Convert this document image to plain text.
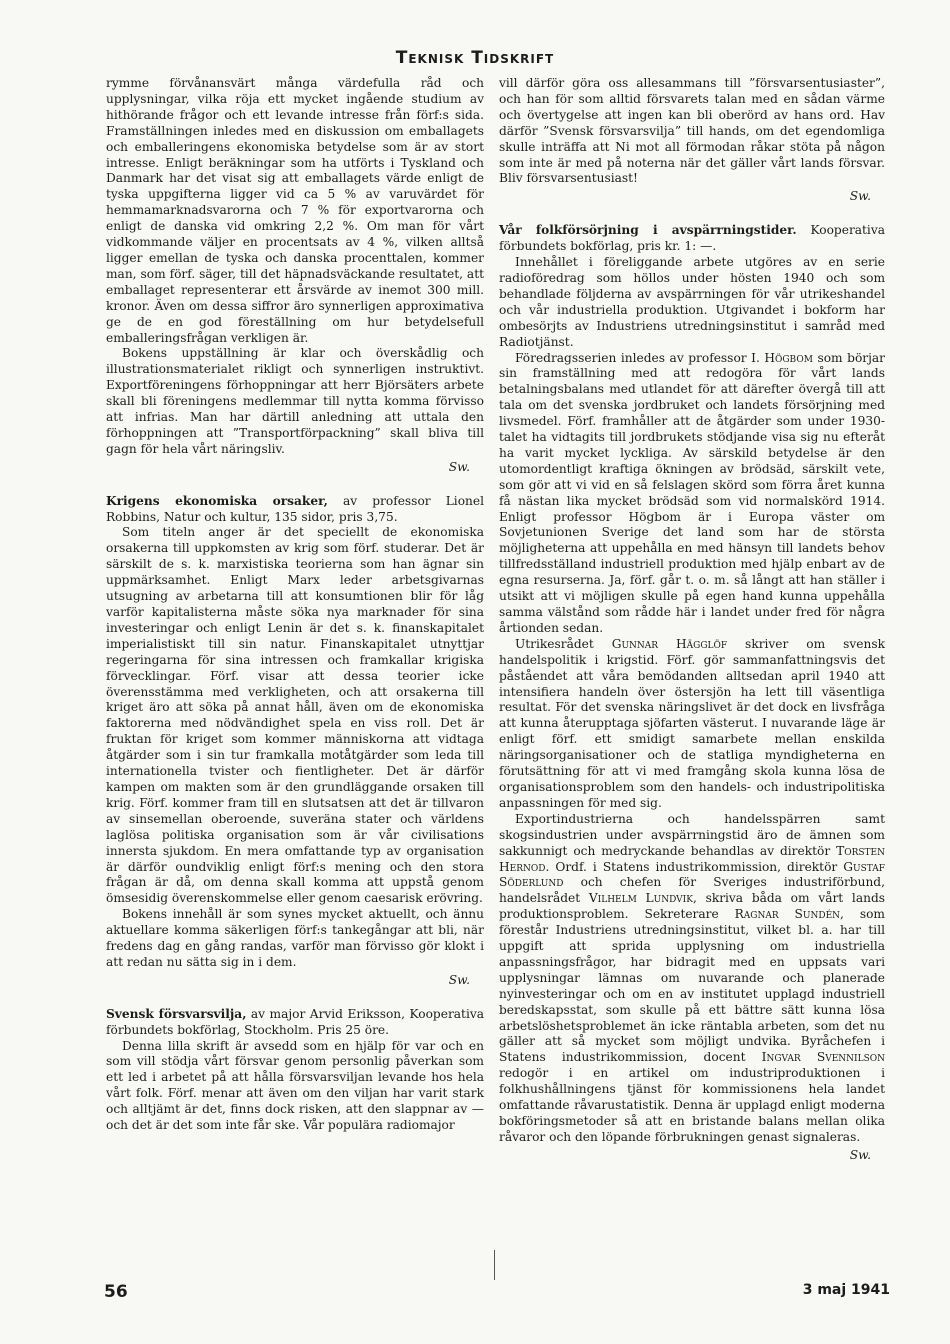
Teknisk Tidskrift

rymme förvånansvärt många värdefulla råd och upplysningar, vilka röja ett mycket ingående studium av hithörande frågor och ett levande intresse från förf:s sida. Framställningen inledes med en diskussion om emballagets och emballeringens ekonomiska betydelse som är av stort intresse. Enligt beräkningar som ha utförts i Tyskland och Danmark har det visat sig att emballagets värde enligt de tyska uppgifterna ligger vid ca 5 % av varuvärdet för hemmamarknadsvarorna och 7 % för exportvarorna och enligt de danska vid omkring 2,2 %. Om man för vårt vidkommande väljer en procentsats av 4 %, vilken alltså ligger emellan de tyska och danska procenttalen, kommer man, som förf. säger, till det häpnadsväckande resultatet, att emballaget representerar ett årsvärde av inemot 300 mill. kronor. Även om dessa siffror äro synnerligen approximativa ge de en god föreställning om hur betydelsefull emballeringsfrågan verkligen är.

Bokens uppställning är klar och överskådlig och illustrationsmaterialet rikligt och synnerligen instruktivt. Exportföreningens förhoppningar att herr Björsäters arbete skall bli föreningens medlemmar till nytta komma förvisso att infrias. Man har därtill anledning att uttala den förhoppningen att ”Transportförpackning” skall bliva till gagn för hela vårt näringsliv.

Sw.

Krigens ekonomiska orsaker, av professor Lionel Robbins, Natur och kultur, 135 sidor, pris 3,75.

Som titeln anger är det speciellt de ekonomiska orsakerna till uppkomsten av krig som förf. studerar. Det är särskilt de s. k. marxistiska teorierna som han ägnar sin uppmärksamhet. Enligt Marx leder arbetsgivarnas utsugning av arbetarna till att konsumtionen blir för låg varför kapitalisterna måste söka nya marknader för sina investeringar och enligt Lenin är det s. k. finanskapitalet imperialistiskt till sin natur. Finanskapitalet utnyttjar regeringarna för sina intressen och framkallar krigiska förvecklingar. Förf. visar att dessa teorier icke överensstämma med verkligheten, och att orsakerna till kriget äro att söka på annat håll, även om de ekonomiska faktorerna med nödvändighet spela en viss roll. Det är fruktan för kriget som kommer människorna att vidtaga åtgärder som i sin tur framkalla motåtgärder som leda till internationella tvister och fientligheter. Det är därför kampen om makten som är den grundläggande orsaken till krig. Förf. kommer fram till en slutsatsen att det är tillvaron av sinsemellan oberoende, suveräna stater och världens laglösa politiska organisation som är vår civilisations innersta sjukdom. En mera omfattande typ av organisation är därför oundviklig enligt förf:s mening och den stora frågan är då, om denna skall komma att uppstå genom ömsesidig överenskommelse eller genom caesarisk erövring.

Bokens innehåll är som synes mycket aktuellt, och ännu aktuellare komma säkerligen förf:s tankegångar att bli, när fredens dag en gång randas, varför man förvisso gör klokt i att redan nu sätta sig in i dem.

Sw.

Svensk försvarsvilja, av major Arvid Eriksson, Kooperativa förbundets bokförlag, Stockholm. Pris 25 öre.

Denna lilla skrift är avsedd som en hjälp för var och en som vill stödja vårt försvar genom personlig påverkan som ett led i arbetet på att hålla försvarsviljan levande hos hela vårt folk. Förf. menar att även om den viljan har varit stark och alltjämt är det, finns dock risken, att den slappnar av — och det är det som inte får ske. Vår populära radiomajor

vill därför göra oss allesammans till ”försvarsentusiaster”, och han för som alltid försvarets talan med en sådan värme och övertygelse att ingen kan bli oberörd av hans ord. Hav därför ”Svensk försvarsvilja” till hands, om det egendomliga skulle inträffa att Ni mot all förmodan råkar stöta på någon som inte är med på noterna när det gäller vårt lands försvar. Bliv försvarsentusiast!

Sw.

Vår folkförsörjning i avspärrningstider. Kooperativa förbundets bokförlag, pris kr. 1: —.

Innehållet i föreliggande arbete utgöres av en serie radioföredrag som höllos under hösten 1940 och som behandlade följderna av avspärrningen för vår utrikeshandel och vår industriella produktion. Utgivandet i bokform har ombesörjts av Industriens utredningsinstitut i samråd med Radiotjänst.

Föredragsserien inledes av professor I. Högbom som börjar sin framställning med att redogöra för vårt lands betalningsbalans med utlandet för att därefter övergå till att tala om det svenska jordbruket och landets försörjning med livsmedel. Förf. framhåller att de åtgärder som under 1930-talet ha vidtagits till jordbrukets stödjande visa sig nu efteråt ha varit mycket lyckliga. Av särskild betydelse är den utomordentligt kraftiga ökningen av brödsäd, särskilt vete, som gör att vi vid en så felslagen skörd som förra året kunna få nästan lika mycket brödsäd som vid normalskörd 1914. Enligt professor Högbom är i Europa väster om Sovjetunionen Sverige det land som har de största möjligheterna att uppehålla en med hänsyn till landets behov tillfredsställand industriell produktion med hjälp enbart av de egna resurserna. Ja, förf. går t. o. m. så långt att han ställer i utsikt att vi möjligen skulle på egen hand kunna uppehålla samma välstånd som rådde här i landet under fred för några årtionden sedan.

Utrikesrådet Gunnar Hägglöf skriver om svensk handelspolitik i krigstid. Förf. gör sammanfattningsvis det påståendet att våra bemödanden alltsedan april 1940 att intensifiera handeln över östersjön ha lett till väsentliga resultat. För det svenska näringslivet är det dock en livsfråga att kunna återupptaga sjöfarten västerut. I nuvarande läge är enligt förf. ett smidigt samarbete mellan enskilda näringsorganisationer och de statliga myndigheterna en förutsättning för att vi med framgång skola kunna lösa de organisationsproblem som den handels- och industripolitiska anpassningen för med sig.

Exportindustrierna och handelsspärren samt skogsindustrien under avspärrningstid äro de ämnen som sakkunnigt och medryckande behandlas av direktör Torsten Hernod. Ordf. i Statens industrikommission, direktör Gustaf Söderlund och chefen för Sveriges industriförbund, handelsrådet Vilhelm Lundvik, skriva båda om vårt lands produktionsproblem. Sekreterare Ragnar Sundén, som förestår Industriens utredningsinstitut, vilket bl. a. har till uppgift att sprida upplysning om industriella anpassningsfrågor, har bidragit med en uppsats vari upplysningar lämnas om nuvarande och planerade nyinvesteringar och om en av institutet upplagd industriell beredskapsstat, som skulle på ett bättre sätt kunna lösa arbetslöshetsproblemet än icke räntabla arbeten, som det nu gäller att så mycket som möjligt undvika. Byråchefen i Statens industrikommission, docent Ingvar Svennilson redogör i en artikel om industriproduktionen i folkhushållningens tjänst för kommissionens hela landet omfattande råvarustatistik. Denna är upplagd enligt moderna bokföringsmetoder så att en bristande balans mellan olika råvaror och den löpande förbrukningen genast signaleras.

Sw.

56	3 maj 1941
